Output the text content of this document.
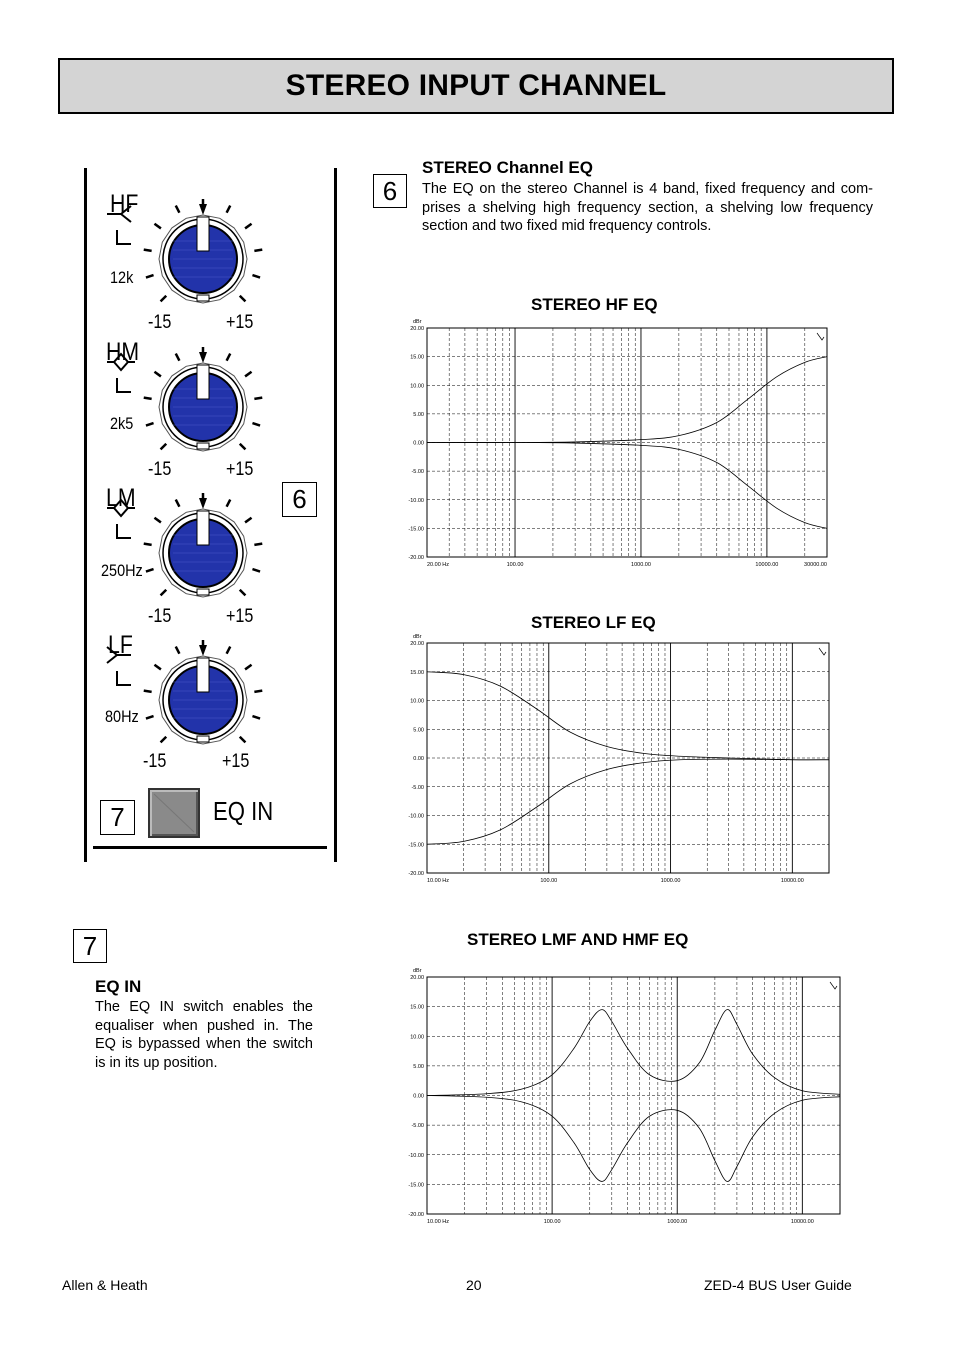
STEREO INPUT CHANNEL
HF
12k
-15	+15
HM
2k5
-15	+15
LM
250Hz
-15	+15
LF
80Hz
-15	+15
6
7	EQ IN
6
STEREO Channel EQ
The EQ on the stereo Channel is 4 band, fixed frequency and com-prises a shelving high frequency section, a shelving low frequency section and two fixed mid frequency controls.
STEREO HF EQ
STEREO LF EQ
STEREO LMF AND HMF EQ
20.00
15.00
10.00
5.00
0.00
-5.00
-10.00
-15.00
-20.00
dBr
20.00 Hz	100.00	1000.00	10000.00	30000.00
20.00
15.00
10.00
5.00
0.00
-5.00
-10.00
-15.00
-20.00
dBr
10.00 Hz	100.00	1000.00	10000.00
20.00
15.00
10.00
5.00
0.00
-5.00
-10.00
-15.00
-20.00
dBr
10.00 Hz	100.00	1000.00	10000.00
7
EQ IN
The EQ IN switch enables the equaliser when pushed in. The EQ is bypassed when the switch is in its up position.
Allen & Heath	20	ZED-4 BUS User Guide
